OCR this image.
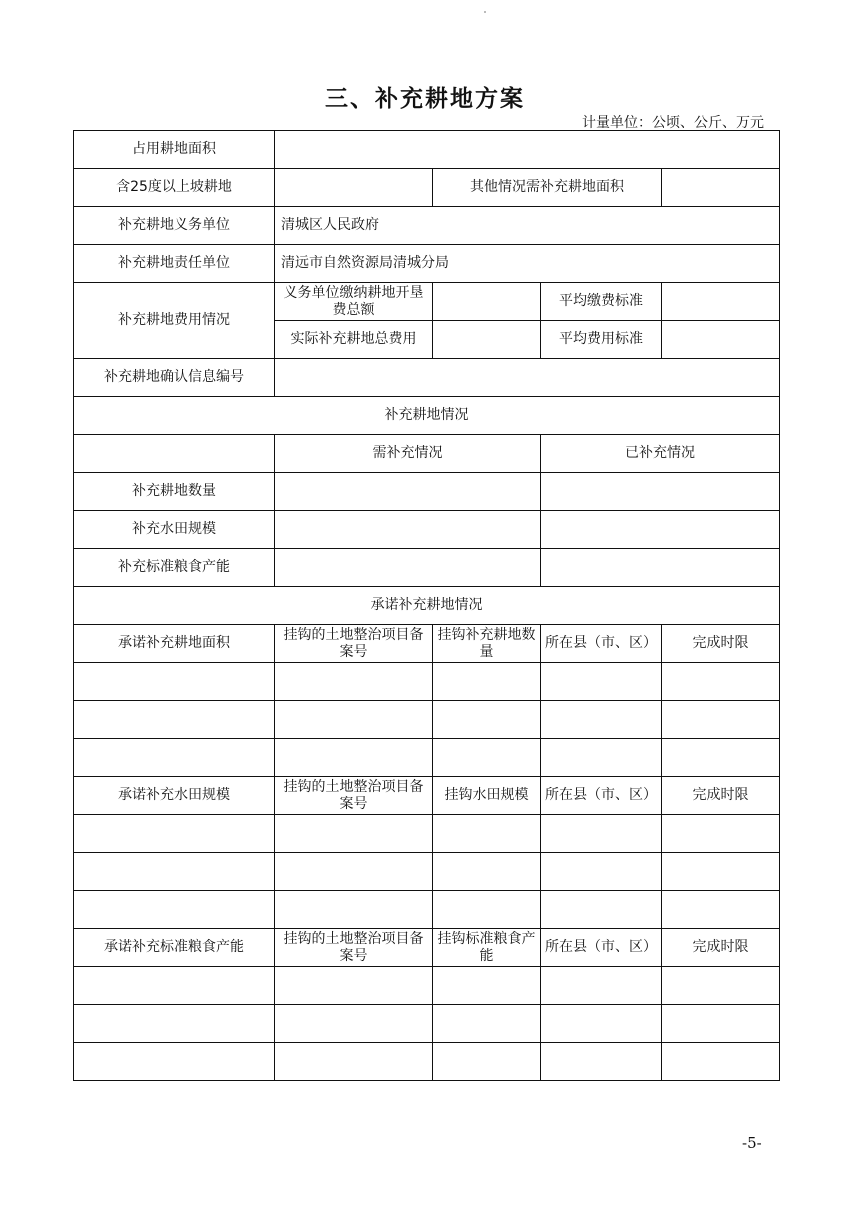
三、补充耕地方案
计量单位：公顷、公斤、万元
占用耕地面积				
含25度以上坡耕地		其他情况需补充耕地面积		
补充耕地义务单位	清城区人民政府			
补充耕地责任单位	清远市自然资源局清城分局			
补充耕地费用情况	义务单位缴纳耕地开垦费总额		平均缴费标准	
	实际补充耕地总费用		平均费用标准	
补充耕地确认信息编号				
补充耕地情况				
	需补充情况		已补充情况	
补充耕地数量				
补充水田规模				
补充标准粮食产能				
承诺补充耕地情况				
承诺补充耕地面积	挂钩的土地整治项目备案号	挂钩补充耕地数量	所在县（市、区）	完成时限

承诺补充水田规模	挂钩的土地整治项目备案号	挂钩水田规模	所在县（市、区）	完成时限

承诺补充标准粮食产能	挂钩的土地整治项目备案号	挂钩标准粮食产能	所在县（市、区）	完成时限

-5-
